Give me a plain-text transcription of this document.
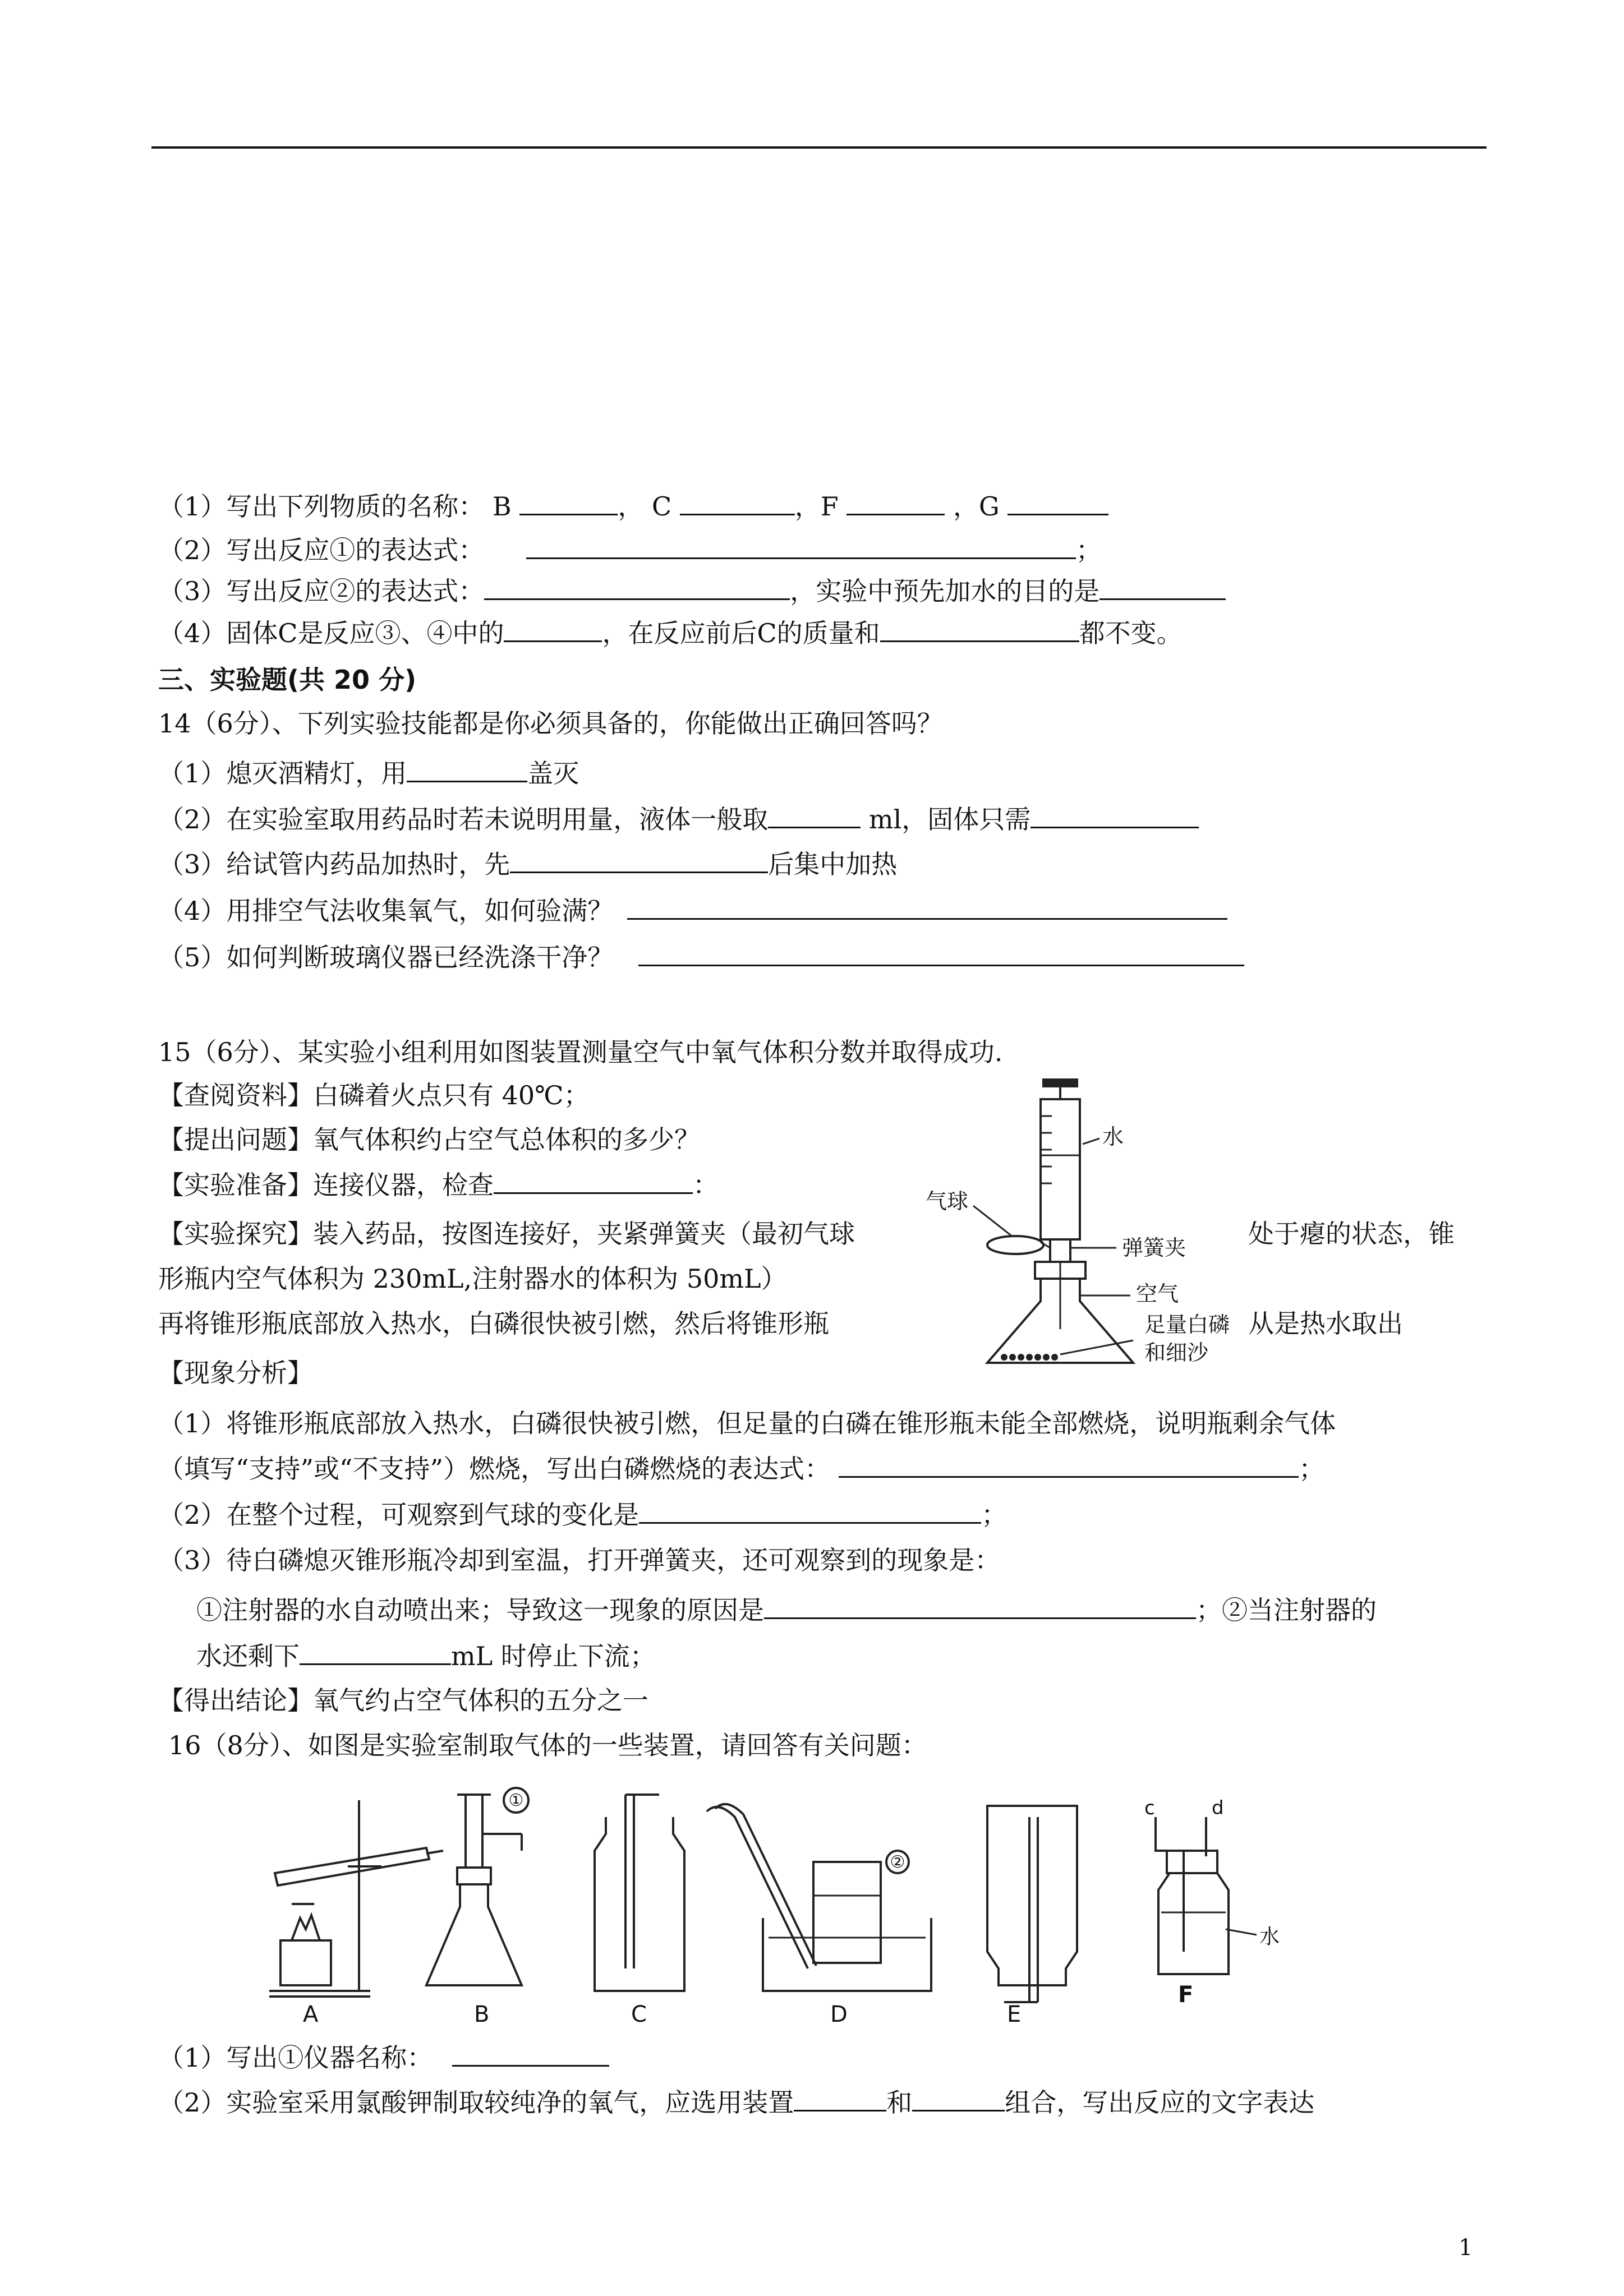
（1）写出下列物质的名称： B	， C	，F	，G
（2）写出反应①的表达式：	；
（3）写出反应②的表达式：	，实验中预先加水的目的是
（4）固体C是反应③、④中的	，在反应前后C的质量和	都不变。
三、实验题(共 20 分)
14（6分）、下列实验技能都是你必须具备的，你能做出正确回答吗？
（1）熄灭酒精灯，用	盖灭
（2）在实验室取用药品时若未说明用量，液体一般取	ml，固体只需
（3）给试管内药品加热时，先	后集中加热
（4）用排空气法收集氧气，如何验满？
（5）如何判断玻璃仪器已经洗涤干净？
15（6分）、某实验小组利用如图装置测量空气中氧气体积分数并取得成功.
【查阅资料】白磷着火点只有 40℃；
【提出问题】氧气体积约占空气总体积的多少？
【实验准备】连接仪器，检查	：
【实验探究】装入药品，按图连接好，夹紧弹簧夹（最初气球	处于瘪的状态，锥
形瓶内空气体积为 230mL,注射器水的体积为 50mL）
再将锥形瓶底部放入热水，白磷很快被引燃，然后将锥形瓶	从是热水取出
气球
水
弹簧夹
空气
足量白磷
和细沙
【现象分析】
（1）将锥形瓶底部放入热水，白磷很快被引燃，但足量的白磷在锥形瓶未能全部燃烧，说明瓶剩余气体
（填写“支持”或“不支持”）燃烧，写出白磷燃烧的表达式：	；
（2）在整个过程，可观察到气球的变化是	；
（3）待白磷熄灭锥形瓶冷却到室温，打开弹簧夹，还可观察到的现象是：
①注射器的水自动喷出来；导致这一现象的原因是	；②当注射器的
水还剩下	mL 时停止下流；
【得出结论】氧气约占空气体积的五分之一
16（8分）、如图是实验室制取气体的一些装置，请回答有关问题：
①
②
c	d
水
A	B	C	D	E
F
（1）写出①仪器名称：
（2）实验室采用氯酸钾制取较纯净的氧气，应选用装置	和	组合，写出反应的文字表达
1
